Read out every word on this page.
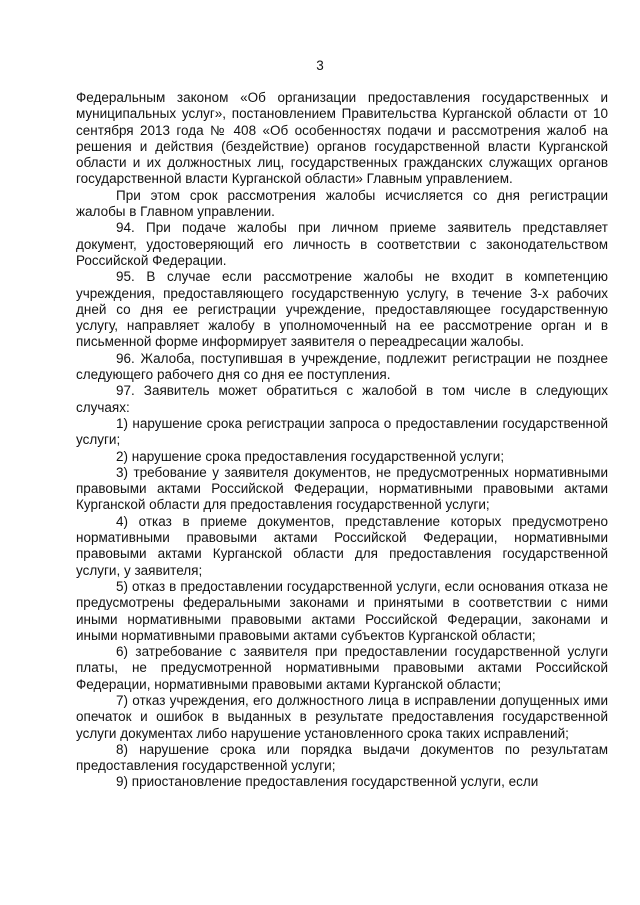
3

Федеральным законом «Об организации предоставления государственных и муниципальных услуг», постановлением Правительства Курганской области от 10 сентября 2013 года № 408 «Об особенностях подачи и рассмотрения жалоб на решения и действия (бездействие) органов государственной власти Курганской области и их должностных лиц, государственных гражданских служащих органов государственной власти Курганской области» Главным управлением.

При этом срок рассмотрения жалобы исчисляется со дня регистрации жалобы в Главном управлении.

94. При подаче жалобы при личном приеме заявитель представляет документ, удостоверяющий его личность в соответствии с законодательством Российской Федерации.

95. В случае если рассмотрение жалобы не входит в компетенцию учреждения, предоставляющего государственную услугу, в течение 3-х рабочих дней со дня ее регистрации учреждение, предоставляющее государственную услугу, направляет жалобу в уполномоченный на ее рассмотрение орган и в письменной форме информирует заявителя о переадресации жалобы.

96. Жалоба, поступившая в учреждение, подлежит регистрации не позднее следующего рабочего дня со дня ее поступления.

97. Заявитель может обратиться с жалобой в том числе в следующих случаях:

1) нарушение срока регистрации запроса о предоставлении государственной услуги;

2) нарушение срока предоставления государственной услуги;

3) требование у заявителя документов, не предусмотренных нормативными правовыми актами Российской Федерации, нормативными правовыми актами Курганской области для предоставления государственной услуги;

4) отказ в приеме документов, представление которых предусмотрено нормативными правовыми актами Российской Федерации, нормативными правовыми актами Курганской области для предоставления государственной услуги, у заявителя;

5) отказ в предоставлении государственной услуги, если основания отказа не предусмотрены федеральными законами и принятыми в соответствии с ними иными нормативными правовыми актами Российской Федерации, законами и иными нормативными правовыми актами субъектов Курганской области;

6) затребование с заявителя при предоставлении государственной услуги платы, не предусмотренной нормативными правовыми актами Российской Федерации, нормативными правовыми актами Курганской области;

7) отказ учреждения, его должностного лица в исправлении допущенных ими опечаток и ошибок в выданных в результате предоставления государственной услуги документах либо нарушение установленного срока таких исправлений;

8) нарушение срока или порядка выдачи документов по результатам предоставления государственной услуги;

9) приостановление предоставления государственной услуги, если
